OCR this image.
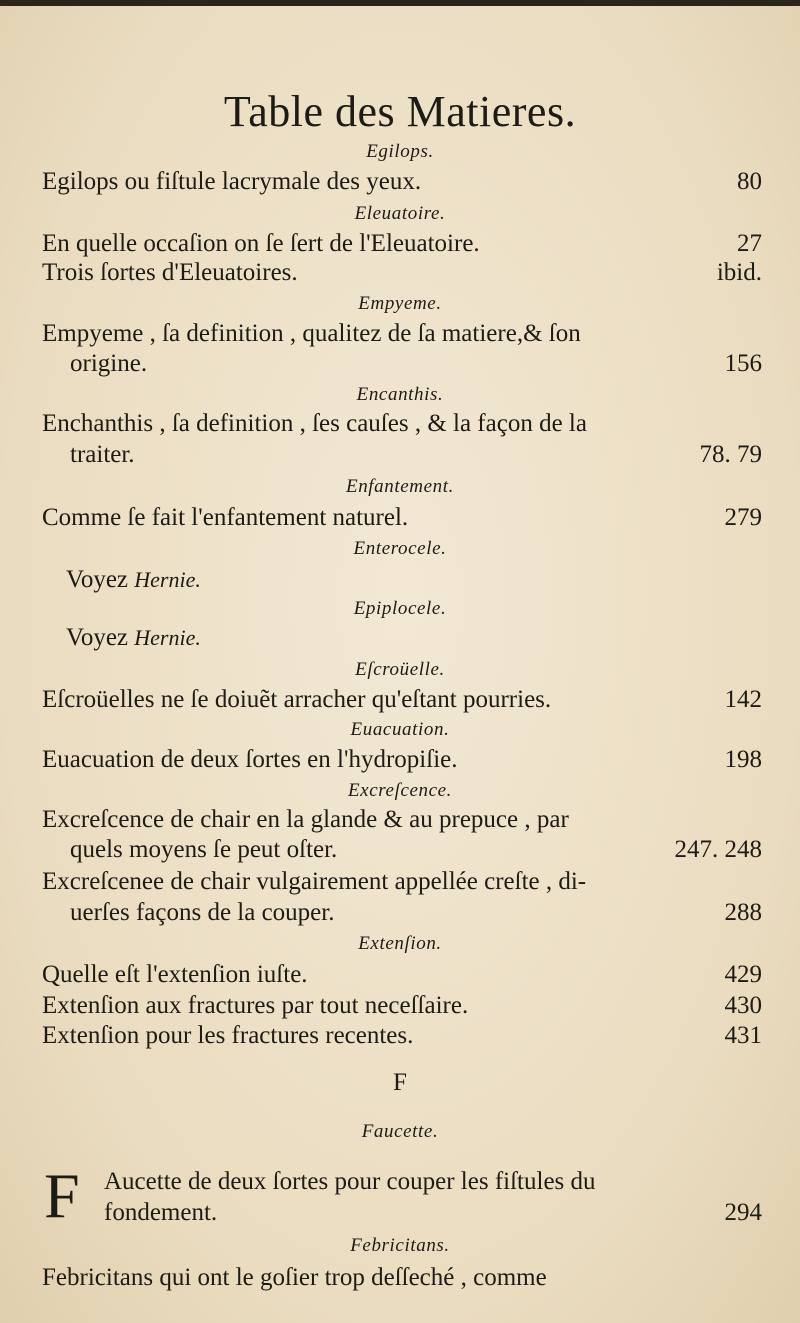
Table des Matieres.
Egilops.
Egilops ou fiſtule lacrymale des yeux.	80
Eleuatoire.
En quelle occaſion on ſe ſert de l'Eleuatoire.	27
Trois ſortes d'Eleuatoires.	ibid.
Empyeme.
Empyeme , ſa definition , qualitez de ſa matiere,& ſon
origine.	156
Encanthis.
Enchanthis , ſa definition , ſes cauſes , & la façon de la
traiter.	78. 79
Enfantement.
Comme ſe fait l'enfantement naturel.	279
Enterocele.
Voyez Hernie.
Epiplocele.
Voyez Hernie.
Eſcroüelle.
Eſcroüelles ne ſe doiuẽt arracher qu'eſtant pourries.	142
Euacuation.
Euacuation de deux ſortes en l'hydropiſie.	198
Excreſcence.
Excreſcence de chair en la glande & au prepuce , par
quels moyens ſe peut oſter.	247. 248
Excreſcenee de chair vulgairement appellée creſte , di-
uerſes façons de la couper.	288
Extenſion.
Quelle eſt l'extenſion iuſte.	429
Extenſion aux fractures par tout neceſſaire.	430
Extenſion pour les fractures recentes.	431
F
Faucette.
F Aucette de deux ſortes pour couper les fiſtules du
fondement.	294
Febricitans.
Febricitans qui ont le goſier trop deſſeché , comme
